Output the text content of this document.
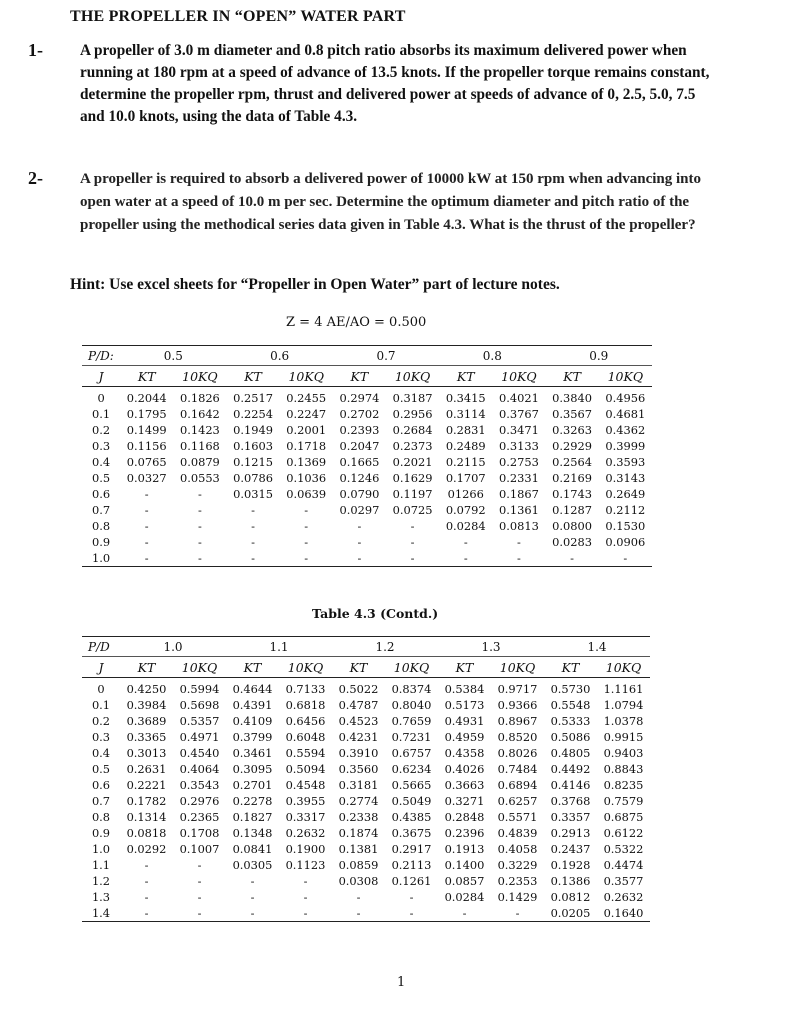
THE PROPELLER IN “OPEN” WATER PART
1- A propeller of 3.0 m diameter and 0.8 pitch ratio absorbs its maximum delivered power when running at 180 rpm at a speed of advance of 13.5 knots. If the propeller torque remains constant, determine the propeller rpm, thrust and delivered power at speeds of advance of 0, 2.5, 5.0, 7.5 and 10.0 knots, using the data of Table 4.3.
2- A propeller is required to absorb a delivered power of 10000 kW at 150 rpm when advancing into open water at a speed of 10.0 m per sec. Determine the optimum diameter and pitch ratio of the propeller using the methodical series data given in Table 4.3. What is the thrust of the propeller?
Hint: Use excel sheets for “Propeller in Open Water” part of lecture notes.
Z = 4 AE/AO = 0.500
P/D:	0.5		0.6		0.7		0.8		0.9	
J	KT	10KQ	KT	10KQ	KT	10KQ	KT	10KQ	KT	10KQ
0	0.2044	0.1826	0.2517	0.2455	0.2974	0.3187	0.3415	0.4021	0.3840	0.4956
0.1	0.1795	0.1642	0.2254	0.2247	0.2702	0.2956	0.3114	0.3767	0.3567	0.4681
0.2	0.1499	0.1423	0.1949	0.2001	0.2393	0.2684	0.2831	0.3471	0.3263	0.4362
0.3	0.1156	0.1168	0.1603	0.1718	0.2047	0.2373	0.2489	0.3133	0.2929	0.3999
0.4	0.0765	0.0879	0.1215	0.1369	0.1665	0.2021	0.2115	0.2753	0.2564	0.3593
0.5	0.0327	0.0553	0.0786	0.1036	0.1246	0.1629	0.1707	0.2331	0.2169	0.3143
0.6	-	-	0.0315	0.0639	0.0790	0.1197	01266	0.1867	0.1743	0.2649
0.7	-	-	-	-	0.0297	0.0725	0.0792	0.1361	0.1287	0.2112
0.8	-	-	-	-	-	-	0.0284	0.0813	0.0800	0.1530
0.9	-	-	-	-	-	-	-	-	0.0283	0.0906
1.0	-	-	-	-	-	-	-	-	-	-
Table 4.3 (Contd.)
P/D	1.0		1.1		1.2		1.3		1.4	
J	KT	10KQ	KT	10KQ	KT	10KQ	KT	10KQ	KT	10KQ
0	0.4250	0.5994	0.4644	0.7133	0.5022	0.8374	0.5384	0.9717	0.5730	1.1161
0.1	0.3984	0.5698	0.4391	0.6818	0.4787	0.8040	0.5173	0.9366	0.5548	1.0794
0.2	0.3689	0.5357	0.4109	0.6456	0.4523	0.7659	0.4931	0.8967	0.5333	1.0378
0.3	0.3365	0.4971	0.3799	0.6048	0.4231	0.7231	0.4959	0.8520	0.5086	0.9915
0.4	0.3013	0.4540	0.3461	0.5594	0.3910	0.6757	0.4358	0.8026	0.4805	0.9403
0.5	0.2631	0.4064	0.3095	0.5094	0.3560	0.6234	0.4026	0.7484	0.4492	0.8843
0.6	0.2221	0.3543	0.2701	0.4548	0.3181	0.5665	0.3663	0.6894	0.4146	0.8235
0.7	0.1782	0.2976	0.2278	0.3955	0.2774	0.5049	0.3271	0.6257	0.3768	0.7579
0.8	0.1314	0.2365	0.1827	0.3317	0.2338	0.4385	0.2848	0.5571	0.3357	0.6875
0.9	0.0818	0.1708	0.1348	0.2632	0.1874	0.3675	0.2396	0.4839	0.2913	0.6122
1.0	0.0292	0.1007	0.0841	0.1900	0.1381	0.2917	0.1913	0.4058	0.2437	0.5322
1.1	-	-	0.0305	0.1123	0.0859	0.2113	0.1400	0.3229	0.1928	0.4474
1.2	-	-	-	-	0.0308	0.1261	0.0857	0.2353	0.1386	0.3577
1.3	-	-	-	-	-	-	0.0284	0.1429	0.0812	0.2632
1.4	-	-	-	-	-	-	-	-	0.0205	0.1640
1
